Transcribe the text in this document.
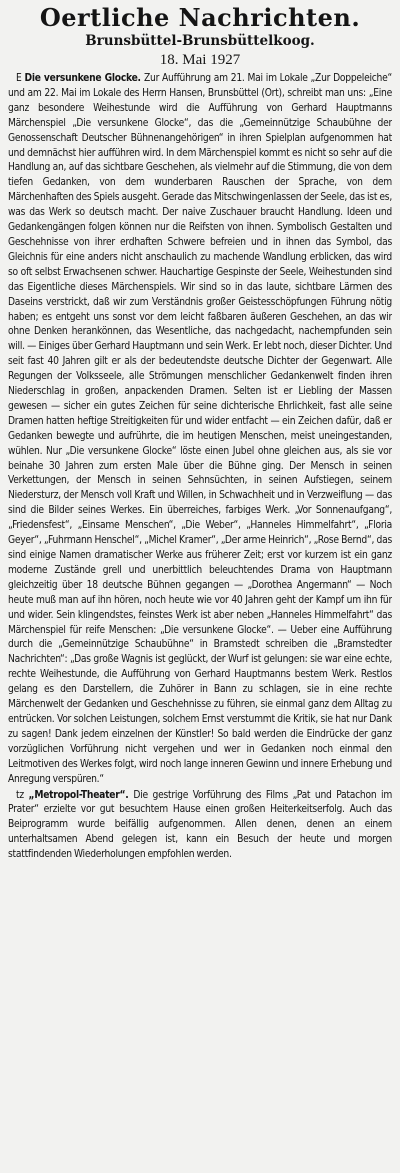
Oertliche Nachrichten.
Brunsbüttel-Brunsbüttelkoog.
18. Mai 1927

E Die versunkene Glocke. Zur Aufführung am 21. Mai im Lokale „Zur Doppeleiche“ und am 22. Mai im Lokale des Herrn Hansen, Brunsbüttel (Ort), schreibt man uns: „Eine ganz besondere Weihestunde wird die Aufführung von Gerhard Hauptmanns Märchenspiel „Die versunkene Glocke“, das die „Gemeinnützige Schaubühne der Genossenschaft Deutscher Bühnenangehörigen“ in ihren Spielplan aufgenommen hat und demnächst hier aufführen wird. In dem Märchenspiel kommt es nicht so sehr auf die Handlung an, auf das sichtbare Geschehen, als vielmehr auf die Stimmung, die von dem tiefen Gedanken, von dem wunderbaren Rauschen der Sprache, von dem Märchenhaften des Spiels ausgeht. Gerade das Mitschwingenlassen der Seele, das ist es, was das Werk so deutsch macht. Der naive Zuschauer braucht Handlung. Ideen und Gedankengängen folgen können nur die Reifsten von ihnen. Symbolisch Gestalten und Geschehnisse von ihrer erdhaften Schwere befreien und in ihnen das Symbol, das Gleichnis für eine anders nicht anschaulich zu machende Wandlung erblicken, das wird so oft selbst Erwachsenen schwer. Hauchartige Gespinste der Seele, Weihestunden sind das Eigentliche dieses Märchenspiels. Wir sind so in das laute, sichtbare Lärmen des Daseins verstrickt, daß wir zum Verständnis großer Geistesschöpfungen Führung nötig haben; es entgeht uns sonst vor dem leicht faßbaren äußeren Geschehen, an das wir ohne Denken herankönnen, das Wesentliche, das nachgedacht, nachempfunden sein will. — Einiges über Gerhard Hauptmann und sein Werk. Er lebt noch, dieser Dichter. Und seit fast 40 Jahren gilt er als der bedeutendste deutsche Dichter der Gegenwart. Alle Regungen der Volksseele, alle Strömungen menschlicher Gedankenwelt finden ihren Niederschlag in großen, anpackenden Dramen. Selten ist er Liebling der Massen gewesen — sicher ein gutes Zeichen für seine dichterische Ehrlichkeit, fast alle seine Dramen hatten heftige Streitigkeiten für und wider entfacht — ein Zeichen dafür, daß er Gedanken bewegte und aufrührte, die im heutigen Menschen, meist uneingestanden, wühlen. Nur „Die versunkene Glocke“ löste einen Jubel ohne gleichen aus, als sie vor beinahe 30 Jahren zum ersten Male über die Bühne ging. Der Mensch in seinen Verkettungen, der Mensch in seinen Sehnsüchten, in seinen Aufstiegen, seinem Niedersturz, der Mensch voll Kraft und Willen, in Schwachheit und in Verzweiflung — das sind die Bilder seines Werkes. Ein überreiches, farbiges Werk. „Vor Sonnenaufgang“, „Friedensfest“, „Einsame Menschen“, „Die Weber“, „Hanneles Himmelfahrt“, „Floria Geyer“, „Fuhrmann Henschel“, „Michel Kramer“, „Der arme Heinrich“, „Rose Bernd“, das sind einige Namen dramatischer Werke aus früherer Zeit; erst vor kurzem ist ein ganz moderne Zustände grell und unerbittlich beleuchtendes Drama von Hauptmann gleichzeitig über 18 deutsche Bühnen gegangen — „Dorothea Angermann“ — Noch heute muß man auf ihn hören, noch heute wie vor 40 Jahren geht der Kampf um ihn für und wider. Sein klingendstes, feinstes Werk ist aber neben „Hanneles Himmelfahrt“ das Märchenspiel für reife Menschen: „Die versunkene Glocke“. — Ueber eine Aufführung durch die „Gemeinnützige Schaubühne“ in Bramstedt schreiben die „Bramstedter Nachrichten“: „Das große Wagnis ist geglückt, der Wurf ist gelungen: sie war eine echte, rechte Weihestunde, die Aufführung von Gerhard Hauptmanns bestem Werk. Restlos gelang es den Darstellern, die Zuhörer in Bann zu schlagen, sie in eine rechte Märchenwelt der Gedanken und Geschehnisse zu führen, sie einmal ganz dem Alltag zu entrücken. Vor solchen Leistungen, solchem Ernst verstummt die Kritik, sie hat nur Dank zu sagen! Dank jedem einzelnen der Künstler! So bald werden die Eindrücke der ganz vorzüglichen Vorführung nicht vergehen und wer in Gedanken noch einmal den Leitmotiven des Werkes folgt, wird noch lange inneren Gewinn und innere Erhebung und Anregung verspüren.“

tz „Metropol-Theater“. Die gestrige Vorführung des Films „Pat und Patachon im Prater“ erzielte vor gut besuchtem Hause einen großen Heiterkeitserfolg. Auch das Beiprogramm wurde beifällig aufgenommen. Allen denen, denen an einem unterhaltsamen Abend gelegen ist, kann ein Besuch der heute und morgen stattfindenden Wiederholungen empfohlen werden.
